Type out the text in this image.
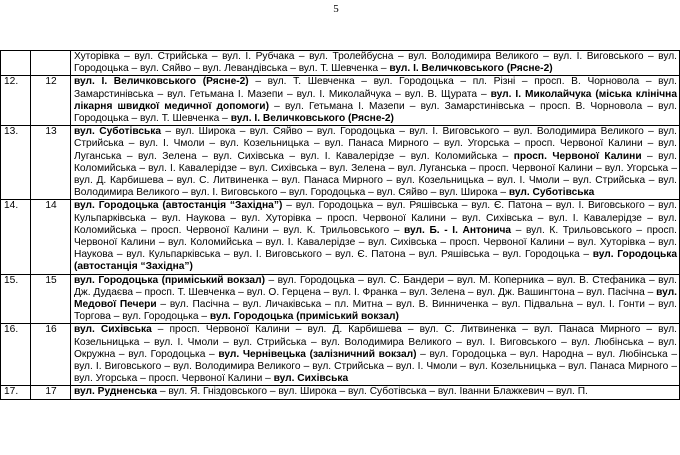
5
		Хуторівка – вул. Стрийська – вул. І. Рубчака – вул. Тролейбусна – вул. Володимира Великого – вул. І. Виговського – вул. Городоцька – вул. Сяйво – вул. Левандівська – вул. Т. Шевченка – вул. І. Величковського (Рясне-2)
12.	12	вул. І. Величковського (Рясне-2) – вул. Т. Шевченка – вул. Городоцька – пл. Різні – просп. В. Чорновола – вул. Замарстинівська – вул. Гетьмана І. Мазепи – вул. І. Миколайчука – вул. В. Щурата – вул. І. Миколайчука (міська клінічна лікарня швидкої медичної допомоги) – вул. Гетьмана І. Мазепи – вул. Замарстинівська – просп. В. Чорновола – вул. Городоцька – вул. Т. Шевченка – вул. І. Величковського (Рясне-2)
13.	13	вул. Суботівська – вул. Широка – вул. Сяйво – вул. Городоцька – вул. І. Виговського – вул. Володимира Великого – вул. Стрийська – вул. І. Чмоли – вул. Козельницька – вул. Панаса Мирного – вул. Угорська – просп. Червоної Калини – вул. Луганська – вул. Зелена – вул. Сихівська – вул. І. Кавалерідзе – вул. Коломийська – просп. Червоної Калини – вул. Коломийська – вул. І. Кавалерідзе – вул. Сихівська – вул. Зелена – вул. Луганська – просп. Червоної Калини – вул. Угорська – вул. Д. Карбишева – вул. С. Литвиненка – вул. Панаса Мирного – вул. Козельницька – вул. І. Чмоли – вул. Стрийська – вул. Володимира Великого – вул. І. Виговського – вул. Городоцька – вул. Сяйво – вул. Широка – вул. Суботівська
14.	14	вул. Городоцька (автостанція “Західна”) – вул. Городоцька – вул. Ряшівська – вул. Є. Патона – вул. І. Виговського – вул. Кульпарківська – вул. Наукова – вул. Хуторівка – просп. Червоної Калини – вул. Сихівська – вул. І. Кавалерідзе – вул. Коломийська – просп. Червоної Калини – вул. К. Трильовського – вул. Б. - І. Антонича – вул. К. Трильовського – просп. Червоної Калини – вул. Коломийська – вул. І. Кавалерідзе – вул. Сихівська – просп. Червоної Калини – вул. Хуторівка – вул. Наукова – вул. Кульпарківська – вул. І. Виговського – вул. Є. Патона – вул. Ряшівська – вул. Городоцька – вул. Городоцька (автостанція “Західна”)
15.	15	вул. Городоцька (приміський вокзал) – вул. Городоцька – вул. С. Бандери – вул. М. Коперника – вул. В. Стефаника – вул. Дж. Дудаєва – просп. Т. Шевченка – вул. О. Герцена – вул. І. Франка – вул. Зелена – вул. Дж. Вашингтона – вул. Пасічна – вул. Медової Печери – вул. Пасічна – вул. Личаківська – пл. Митна – вул. В. Винниченка – вул. Підвальна – вул. І. Гонти – вул. Торгова – вул. Городоцька – вул. Городоцька (приміський вокзал)
16.	16	вул. Сихівська – просп. Червоної Калини – вул. Д. Карбишева – вул. С. Литвиненка – вул. Панаса Мирного – вул. Козельницька – вул. І. Чмоли – вул. Стрийська – вул. Володимира Великого – вул. І. Виговського – вул. Любінська – вул. Окружна – вул. Городоцька – вул. Чернівецька (залізничний вокзал) – вул. Городоцька – вул. Народна – вул. Любінська – вул. І. Виговського – вул. Володимира Великого – вул. Стрийська – вул. І. Чмоли – вул. Козельницька – вул. Панаса Мирного – вул. Угорська – просп. Червоної Калини – вул. Сихівська
17.	17	вул. Рудненська – вул. Я. Гніздовського – вул. Широка – вул. Суботівська – вул. Іванни Блажкевич – вул. П.
